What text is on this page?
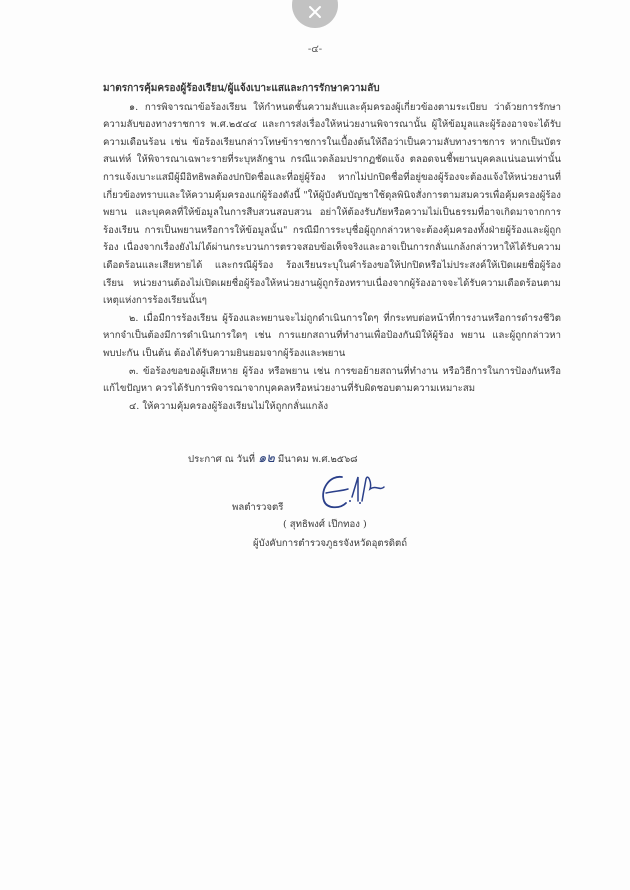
-๔-

มาตรการคุ้มครองผู้ร้องเรียน/ผู้แจ้งเบาะแสและการรักษาความลับ

๑. การพิจารณาข้อร้องเรียน ให้กำหนดชั้นความลับและคุ้มครองผู้เกี่ยวข้องตามระเบียบ ว่าด้วยการรักษาความลับของทางราชการ พ.ศ.๒๕๔๔ และการส่งเรื่องให้หน่วยงานพิจารณานั้น ผู้ให้ข้อมูลและผู้ร้องอาจจะได้รับความเดือนร้อน เช่น ข้อร้องเรียนกล่าวโทษข้าราชการในเบื้องต้นให้ถือว่าเป็นความลับทางราชการ หากเป็นบัตรสนเท่ห์ ให้พิจารณาเฉพาะรายที่ระบุหลักฐาน กรณีแวดล้อมปรากฏชัดแจ้ง ตลอดจนชี้พยานบุคคลแน่นอนเท่านั้น การแจ้งเบาะแสมีผู้มีอิทธิพลต้องปกปิดชื่อและที่อยู่ผู้ร้อง หากไม่ปกปิดชื่อที่อยู่ของผู้ร้องจะต้องแจ้งให้หน่วยงานที่เกี่ยวข้องทราบและให้ความคุ้มครองแก่ผู้ร้องดังนี้ "ให้ผู้บังคับบัญชาใช้ดุลพินิจสั่งการตามสมควรเพื่อคุ้มครองผู้ร้อง พยาน และบุคคลที่ให้ข้อมูลในการสืบสวนสอบสวน อย่าให้ต้องรับภัยหรือความไม่เป็นธรรมที่อาจเกิดมาจากการร้องเรียน การเป็นพยานหรือการให้ข้อมูลนั้น" กรณีมีการระบุชื่อผู้ถูกกล่าวหาจะต้องคุ้มครองทั้งฝ่ายผู้ร้องและผู้ถูกร้อง เนื่องจากเรื่องยังไม่ได้ผ่านกระบวนการตรวจสอบข้อเท็จจริงและอาจเป็นการกลั่นแกล้งกล่าวหาให้ได้รับความเดือดร้อนและเสียหายได้ และกรณีผู้ร้อง ร้องเรียนระบุในคำร้องขอให้ปกปิดหรือไม่ประสงค์ให้เปิดเผยชื่อผู้ร้องเรียน หน่วยงานต้องไม่เปิดเผยชื่อผู้ร้องให้หน่วยงานผู้ถูกร้องทราบเนื่องจากผู้ร้องอาจจะได้รับความเดือดร้อนตามเหตุแห่งการร้องเรียนนั้นๆ

๒. เมื่อมีการร้องเรียน ผู้ร้องและพยานจะไม่ถูกดำเนินการใดๆ ที่กระทบต่อหน้าที่การงานหรือการดำรงชีวิต หากจำเป็นต้องมีการดำเนินการใดๆ เช่น การแยกสถานที่ทำงานเพื่อป้องกันมิให้ผู้ร้อง พยาน และผู้ถูกกล่าวหาพบปะกัน เป็นต้น ต้องได้รับความยินยอมจากผู้ร้องและพยาน

๓. ข้อร้องขอของผู้เสียหาย ผู้ร้อง หรือพยาน เช่น การขอย้ายสถานที่ทำงาน หรือวิธีการในการป้องกันหรือแก้ไขปัญหา ควรได้รับการพิจารณาจากบุคคลหรือหน่วยงานที่รับผิดชอบตามความเหมาะสม

๔. ให้ความคุ้มครองผู้ร้องเรียนไม่ให้ถูกกลั่นแกล้ง

ประกาศ ณ วันที่ ๑๒ มีนาคม พ.ศ.๒๕๖๘
พลตำรวจตรี
( สุทธิพงศ์ เป๊กทอง )
ผู้บังคับการตำรวจภูธรจังหวัดอุตรดิตถ์
